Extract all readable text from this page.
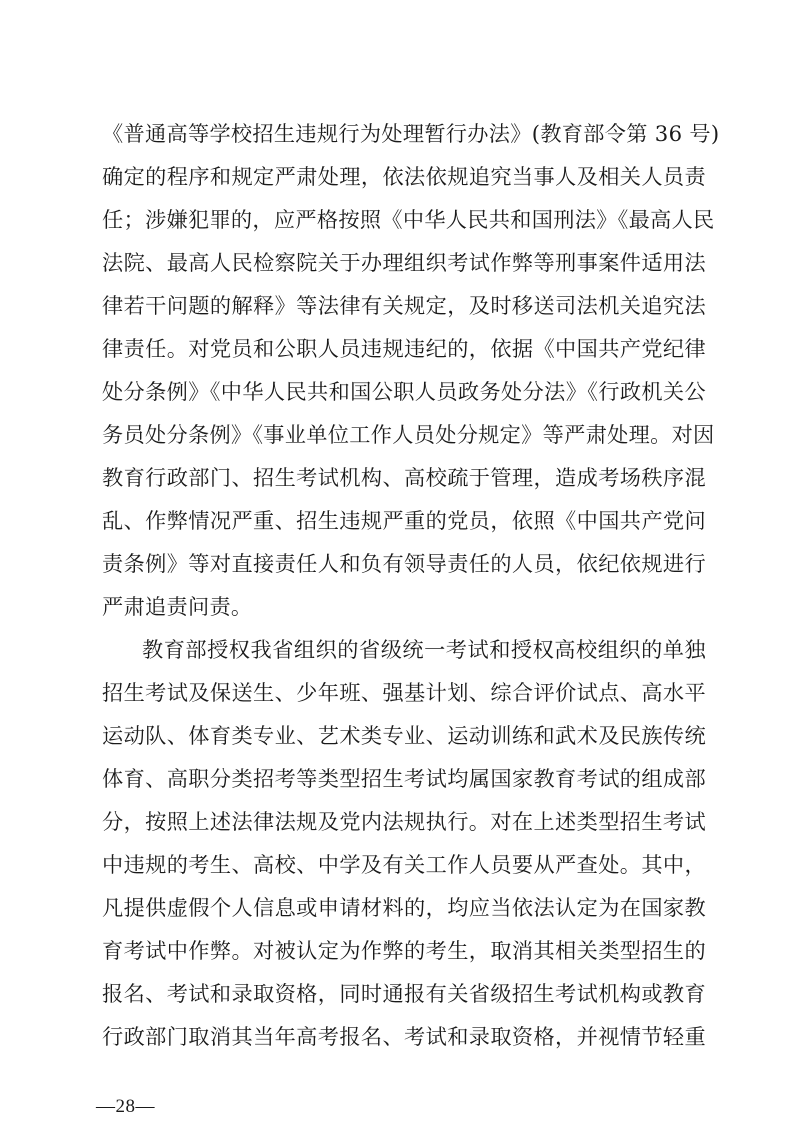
《普通高等学校招生违规行为处理暂行办法》(教育部令第 36 号)
确定的程序和规定严肃处理，依法依规追究当事人及相关人员责
任；涉嫌犯罪的，应严格按照《中华人民共和国刑法》《最高人民
法院、最高人民检察院关于办理组织考试作弊等刑事案件适用法
律若干问题的解释》等法律有关规定，及时移送司法机关追究法
律责任。对党员和公职人员违规违纪的，依据《中国共产党纪律
处分条例》《中华人民共和国公职人员政务处分法》《行政机关公
务员处分条例》《事业单位工作人员处分规定》等严肃处理。对因
教育行政部门、招生考试机构、高校疏于管理，造成考场秩序混
乱、作弊情况严重、招生违规严重的党员，依照《中国共产党问
责条例》等对直接责任人和负有领导责任的人员，依纪依规进行
严肃追责问责。
教育部授权我省组织的省级统一考试和授权高校组织的单独
招生考试及保送生、少年班、强基计划、综合评价试点、高水平
运动队、体育类专业、艺术类专业、运动训练和武术及民族传统
体育、高职分类招考等类型招生考试均属国家教育考试的组成部
分，按照上述法律法规及党内法规执行。对在上述类型招生考试
中违规的考生、高校、中学及有关工作人员要从严查处。其中，
凡提供虚假个人信息或申请材料的，均应当依法认定为在国家教
育考试中作弊。对被认定为作弊的考生，取消其相关类型招生的
报名、考试和录取资格，同时通报有关省级招生考试机构或教育
行政部门取消其当年高考报名、考试和录取资格，并视情节轻重
—28—
